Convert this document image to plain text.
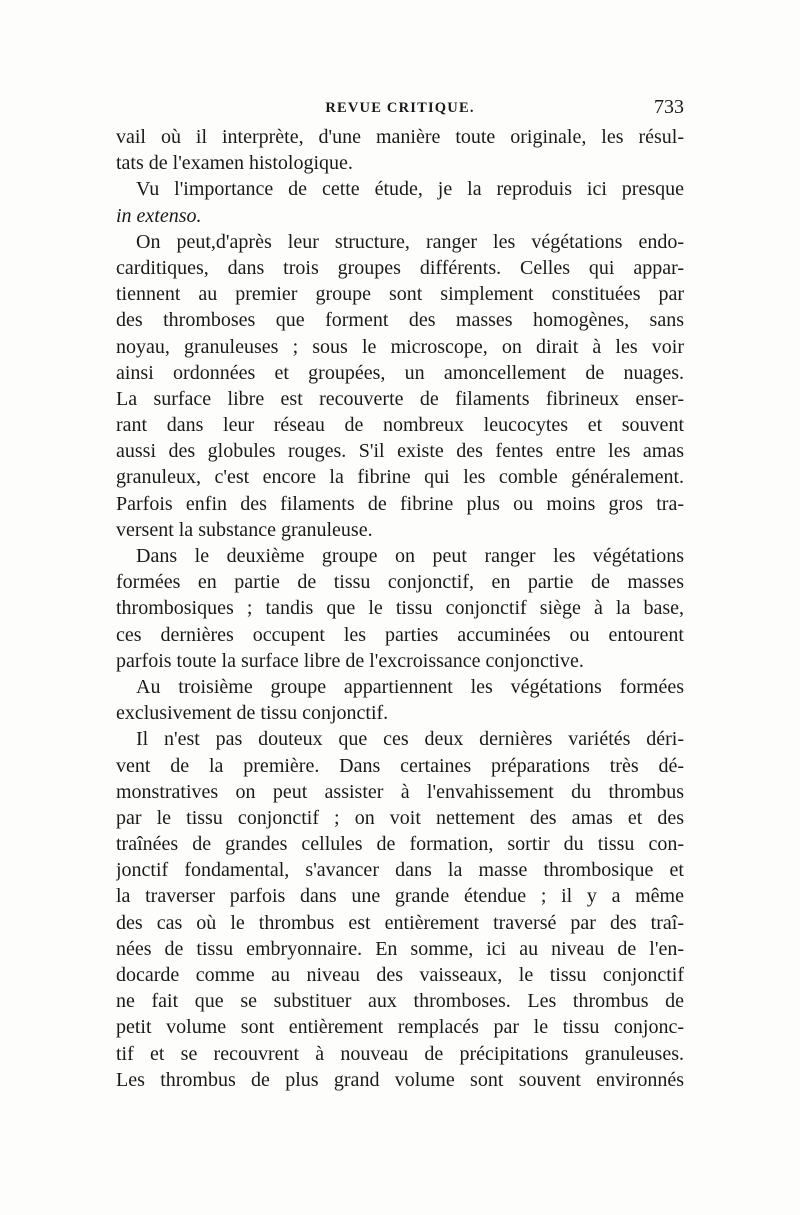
REVUE CRITIQUE.	733
vail où il interprète, d'une manière toute originale, les résul-
tats de l'examen histologique.
Vu l'importance de cette étude, je la reproduis ici presque
in extenso.
On peut,d'après leur structure, ranger les végétations endo-
carditiques, dans trois groupes différents. Celles qui appar-
tiennent au premier groupe sont simplement constituées par
des thromboses que forment des masses homogènes, sans
noyau, granuleuses ; sous le microscope, on dirait à les voir
ainsi ordonnées et groupées, un amoncellement de nuages.
La surface libre est recouverte de filaments fibrineux enser-
rant dans leur réseau de nombreux leucocytes et souvent
aussi des globules rouges. S'il existe des fentes entre les amas
granuleux, c'est encore la fibrine qui les comble généralement.
Parfois enfin des filaments de fibrine plus ou moins gros tra-
versent la substance granuleuse.
Dans le deuxième groupe on peut ranger les végétations
formées en partie de tissu conjonctif, en partie de masses
thrombosiques ; tandis que le tissu conjonctif siège à la base,
ces dernières occupent les parties accuminées ou entourent
parfois toute la surface libre de l'excroissance conjonctive.
Au troisième groupe appartiennent les végétations formées
exclusivement de tissu conjonctif.
Il n'est pas douteux que ces deux dernières variétés déri-
vent de la première. Dans certaines préparations très dé-
monstratives on peut assister à l'envahissement du thrombus
par le tissu conjonctif ; on voit nettement des amas et des
traînées de grandes cellules de formation, sortir du tissu con-
jonctif fondamental, s'avancer dans la masse thrombosique et
la traverser parfois dans une grande étendue ; il y a même
des cas où le thrombus est entièrement traversé par des traî-
nées de tissu embryonnaire. En somme, ici au niveau de l'en-
docarde comme au niveau des vaisseaux, le tissu conjonctif
ne fait que se substituer aux thromboses. Les thrombus de
petit volume sont entièrement remplacés par le tissu conjonc-
tif et se recouvrent à nouveau de précipitations granuleuses.
Les thrombus de plus grand volume sont souvent environnés
